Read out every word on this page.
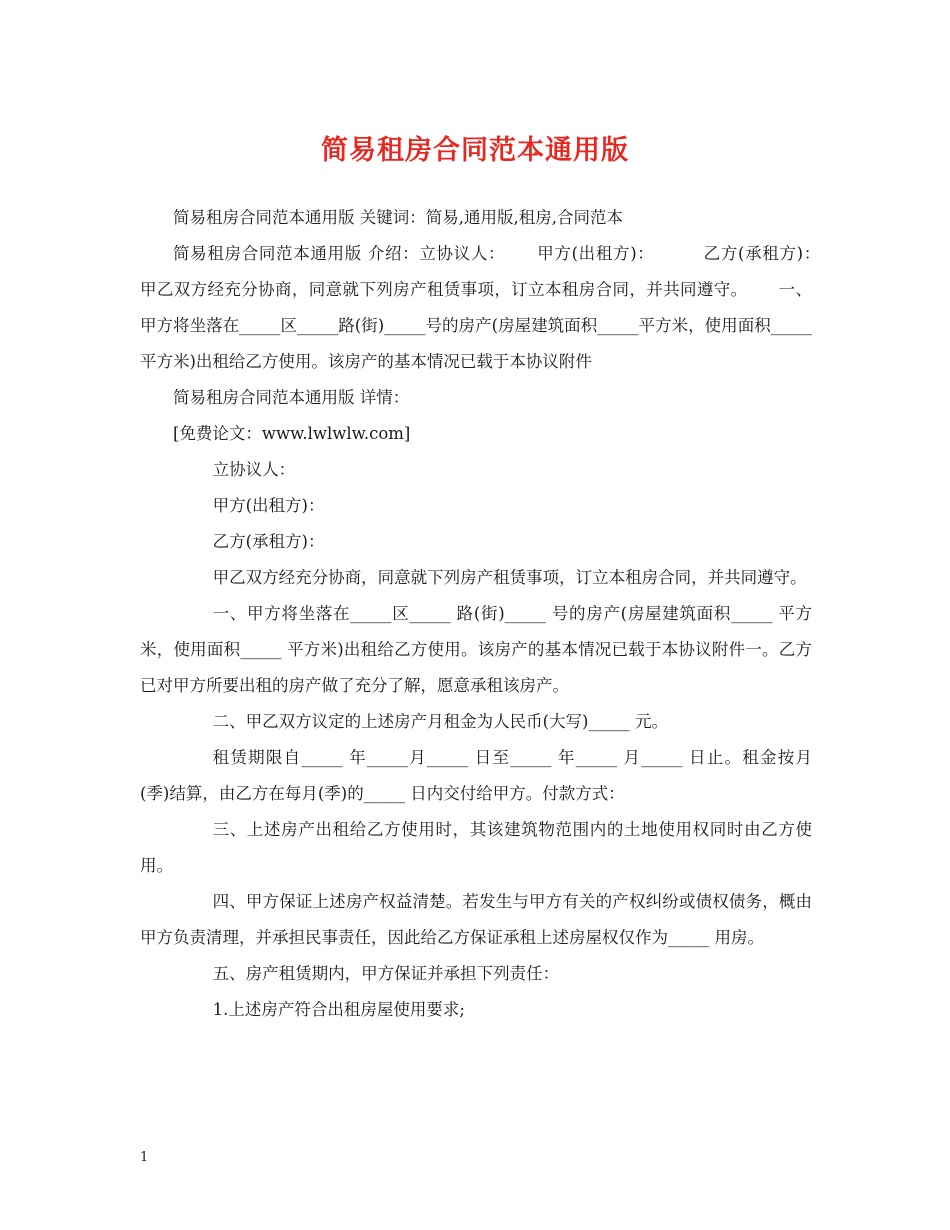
简易租房合同范本通用版

简易租房合同范本通用版 关键词：简易,通用版,租房,合同范本

简易租房合同范本通用版 介绍：立协议人：　　 甲方(出租方)：　　　 乙方(承租方)：　　 甲乙双方经充分协商，同意就下列房产租赁事项，订立本租房合同，并共同遵守。　　 一、甲方将坐落在_____区_____路(街)_____号的房产(房屋建筑面积_____平方米，使用面积_____平方米)出租给乙方使用。该房产的基本情况已载于本协议附件

简易租房合同范本通用版 详情：

[免费论文：www.lwlwlw.com]

立协议人：

甲方(出租方)：

乙方(承租方)：

甲乙双方经充分协商，同意就下列房产租赁事项，订立本租房合同，并共同遵守。

一、甲方将坐落在_____区_____ 路(街)_____ 号的房产(房屋建筑面积_____ 平方米，使用面积_____ 平方米)出租给乙方使用。该房产的基本情况已载于本协议附件一。乙方已对甲方所要出租的房产做了充分了解，愿意承租该房产。

二、甲乙双方议定的上述房产月租金为人民币(大写)_____ 元。

租赁期限自_____ 年_____月_____ 日至_____ 年_____ 月_____ 日止。租金按月(季)结算，由乙方在每月(季)的_____ 日内交付给甲方。付款方式：

三、上述房产出租给乙方使用时，其该建筑物范围内的土地使用权同时由乙方使用。

四、甲方保证上述房产权益清楚。若发生与甲方有关的产权纠纷或债权债务，概由甲方负责清理，并承担民事责任，因此给乙方保证承租上述房屋权仅作为_____ 用房。

五、房产租赁期内，甲方保证并承担下列责任：

1.上述房产符合出租房屋使用要求;

1
